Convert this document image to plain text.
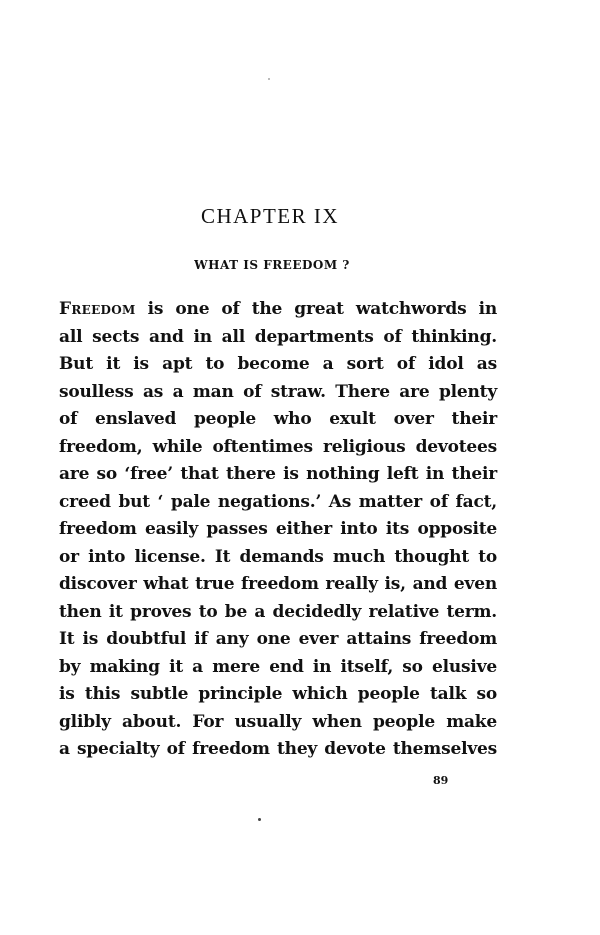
CHAPTER IX
WHAT IS FREEDOM ?
Freedom is one of the great watchwords in
all sects and in all departments of thinking.
But it is apt to become a sort of idol as
soulless as a man of straw. There are plenty
of enslaved people who exult over their
freedom, while oftentimes religious devotees
are so ‘free’ that there is nothing left in their
creed but ‘ pale negations.’ As matter of fact,
freedom easily passes either into its opposite
or into license. It demands much thought to
discover what true freedom really is, and even
then it proves to be a decidedly relative term.
It is doubtful if any one ever attains freedom
by making it a mere end in itself, so elusive
is this subtle principle which people talk so
glibly about. For usually when people make
a specialty of freedom they devote themselves
89
